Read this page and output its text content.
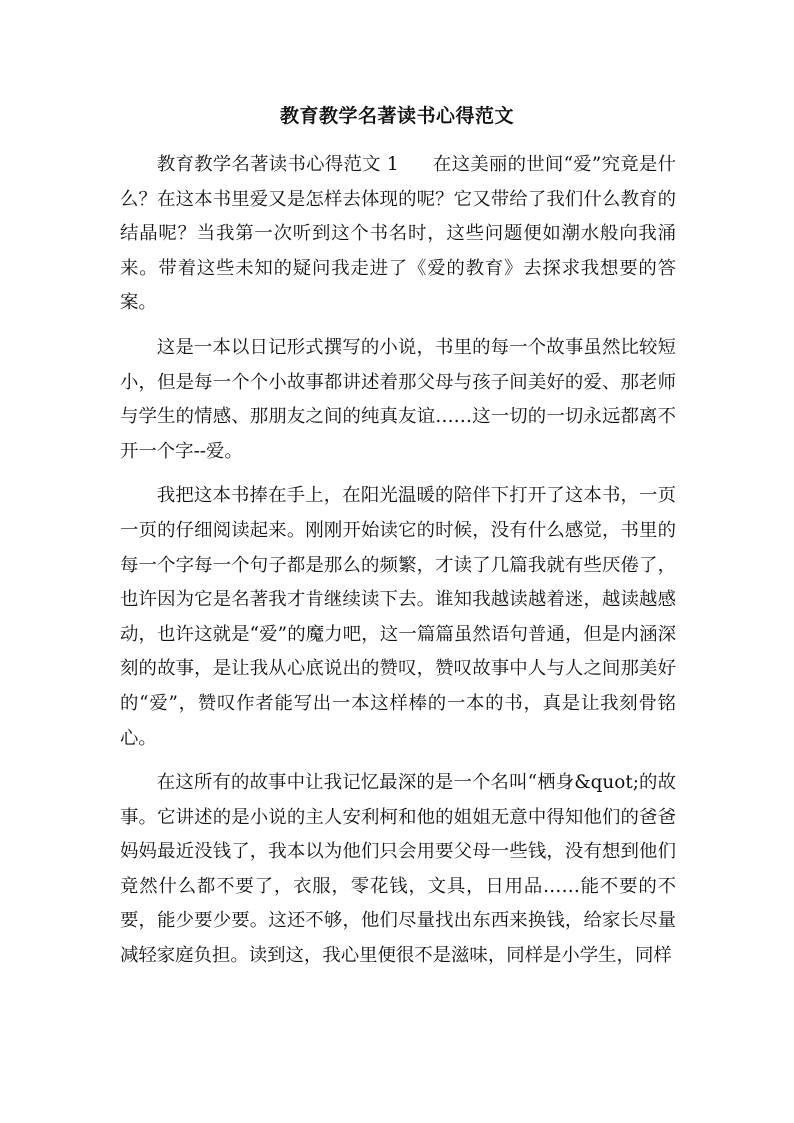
教育教学名著读书心得范文

教育教学名著读书心得范文 1 在这美丽的世间“爱”究竟是什么？在这本书里爱又是怎样去体现的呢？它又带给了我们什么教育的结晶呢？当我第一次听到这个书名时，这些问题便如潮水般向我涌来。带着这些未知的疑问我走进了《爱的教育》去探求我想要的答案。

这是一本以日记形式撰写的小说，书里的每一个故事虽然比较短小，但是每一个个小故事都讲述着那父母与孩子间美好的爱、那老师与学生的情感、那朋友之间的纯真友谊……这一切的一切永远都离不开一个字--爱。

我把这本书捧在手上，在阳光温暖的陪伴下打开了这本书，一页一页的仔细阅读起来。刚刚开始读它的时候，没有什么感觉，书里的每一个字每一个句子都是那么的频繁，才读了几篇我就有些厌倦了，也许因为它是名著我才肯继续读下去。谁知我越读越着迷，越读越感动，也许这就是“爱”的魔力吧，这一篇篇虽然语句普通，但是内涵深刻的故事，是让我从心底说出的赞叹，赞叹故事中人与人之间那美好的“爱”，赞叹作者能写出一本这样棒的一本的书，真是让我刻骨铭心。

在这所有的故事中让我记忆最深的是一个名叫“栖身&quot;的故事。它讲述的是小说的主人安利柯和他的姐姐无意中得知他们的爸爸妈妈最近没钱了，我本以为他们只会用要父母一些钱，没有想到他们竟然什么都不要了，衣服，零花钱，文具，日用品……能不要的不要，能少要少要。这还不够，他们尽量找出东西来换钱，给家长尽量减轻家庭负担。读到这，我心里便很不是滋味，同样是小学生，同样
